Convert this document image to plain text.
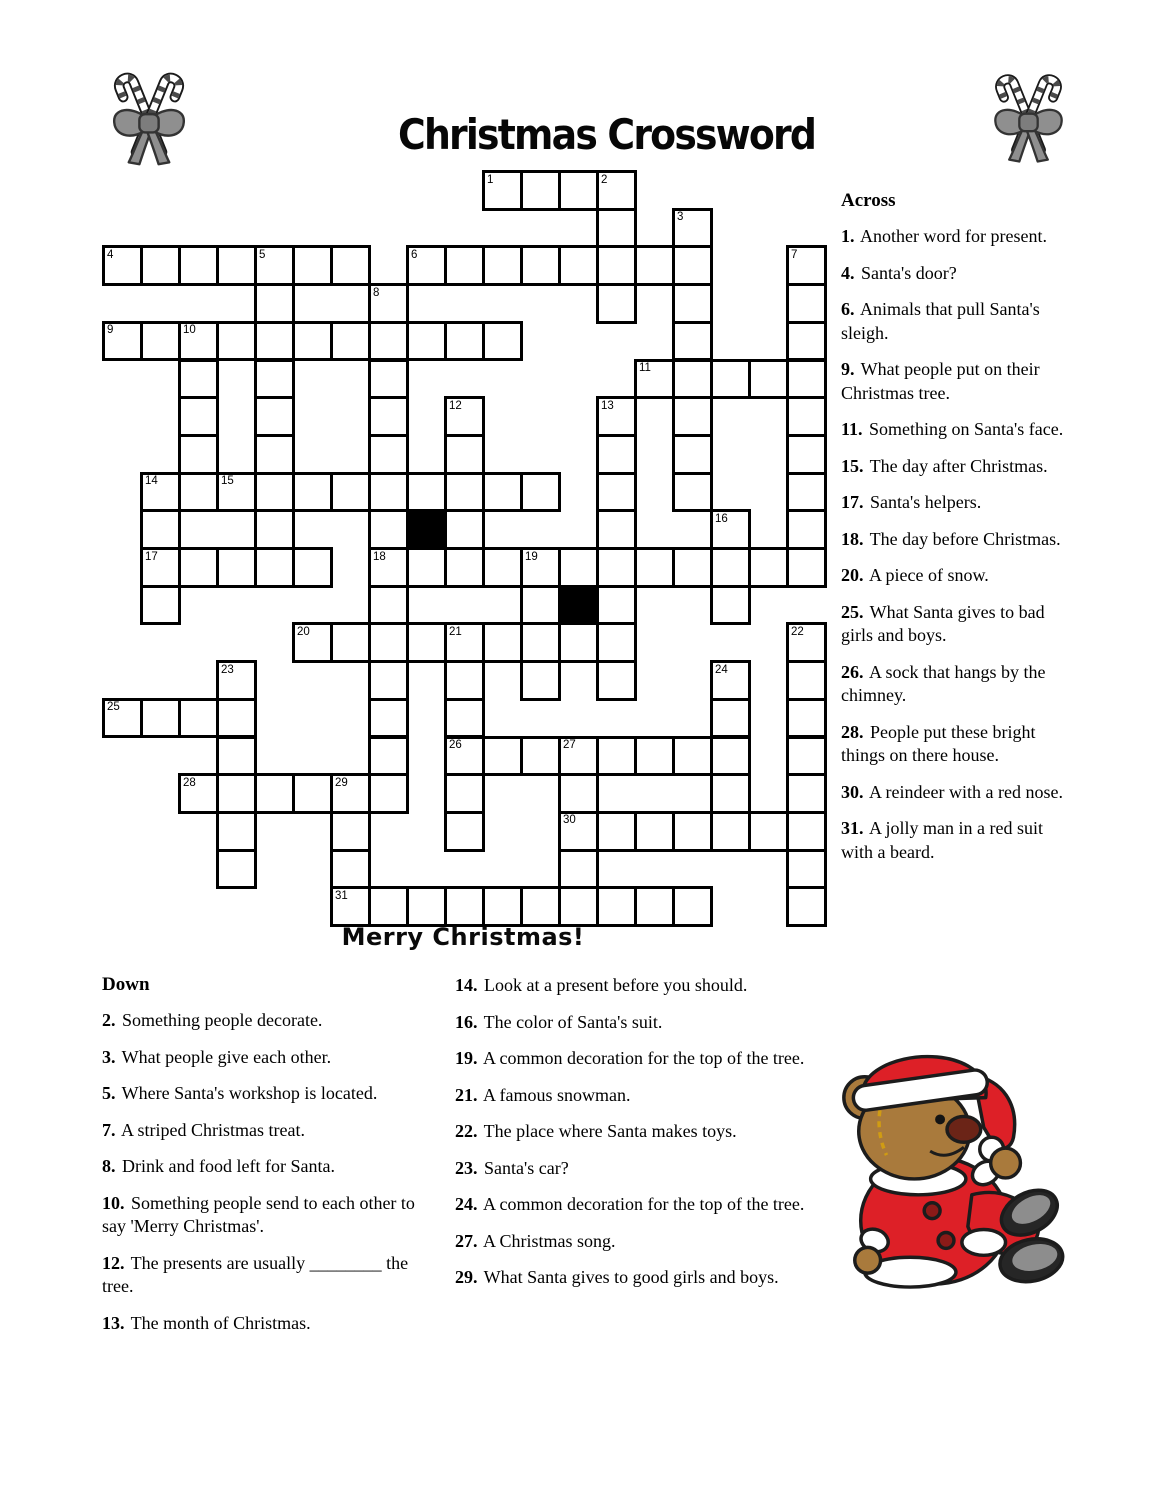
Christmas Crossword
1	2
3
4	5	6	7
8
9	10
11
12	13
14	15
16
17	18	19
20	21	22
23	24
25
26	27
28	29
30
31
Merry Christmas!

Across

1. Another word for present.

4. Santa's door?

6. Animals that pull Santa's sleigh.

9. What people put on their Christmas tree.

11. Something on Santa's face.

15. The day after Christmas.

17. Santa's helpers.

18. The day before Christmas.

20. A piece of snow.

25. What Santa gives to bad girls and boys.

26. A sock that hangs by the chimney.

28. People put these bright things on there house.

30. A reindeer with a red nose.

31. A jolly man in a red suit with a beard.

Down

2. Something people decorate.

3. What people give each other.

5. Where Santa's workshop is located.

7. A striped Christmas treat.

8. Drink and food left for Santa.

10. Something people send to each other to say 'Merry Christmas'.

12. The presents are usually ________ the tree.

13. The month of Christmas.

14. Look at a present before you should.

16. The color of Santa's suit.

19. A common decoration for the top of the tree.

21. A famous snowman.

22. The place where Santa makes toys.

23. Santa's car?

24. A common decoration for the top of the tree.

27. A Christmas song.

29. What Santa gives to good girls and boys.
